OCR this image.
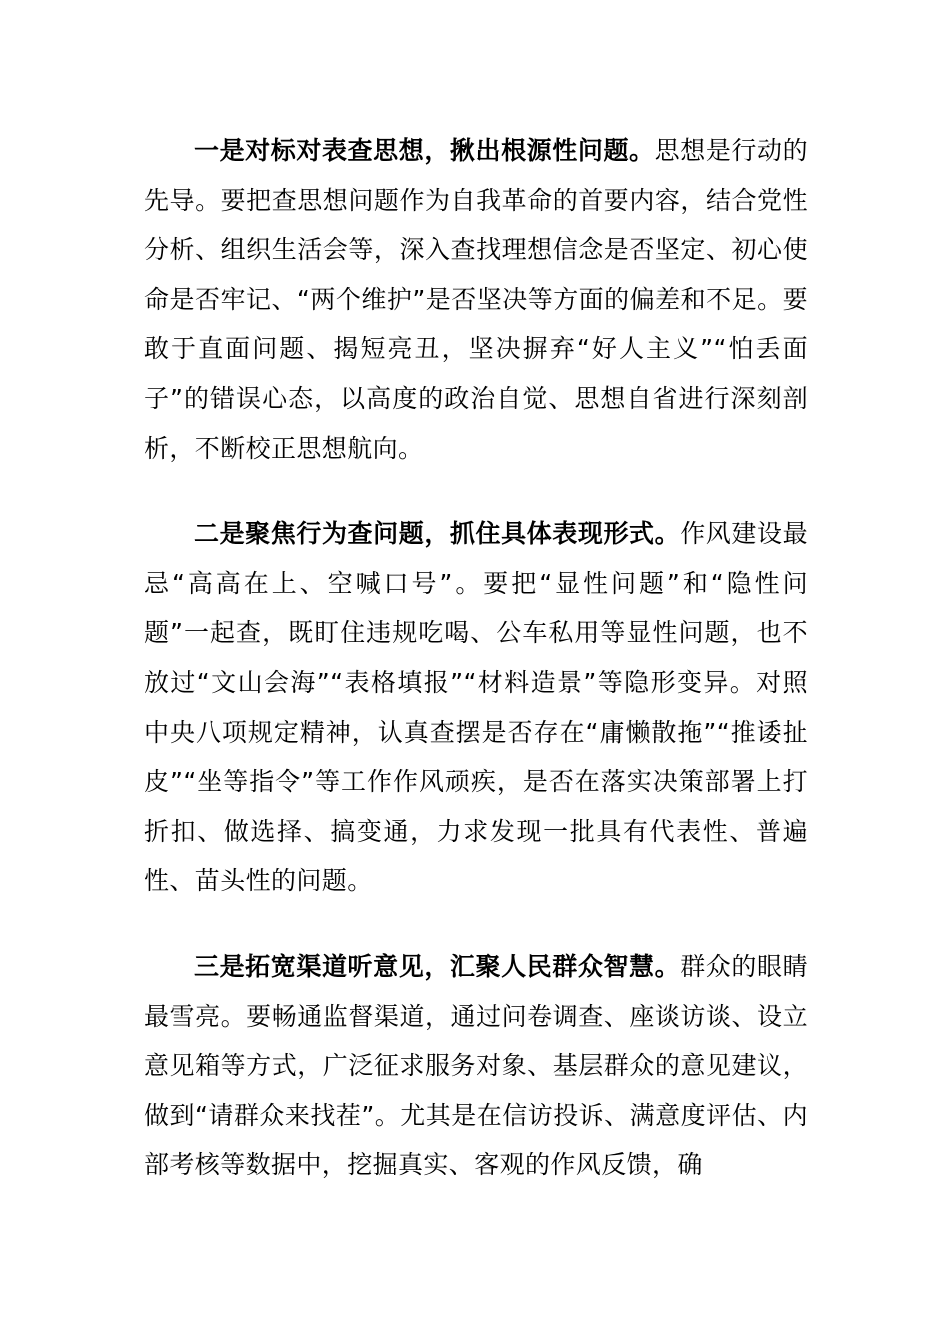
一是对标对表查思想，揪出根源性问题。思想是行动的先导。要把查思想问题作为自我革命的首要内容，结合党性分析、组织生活会等，深入查找理想信念是否坚定、初心使命是否牢记、“两个维护”是否坚决等方面的偏差和不足。要敢于直面问题、揭短亮丑，坚决摒弃“好人主义”“怕丢面子”的错误心态，以高度的政治自觉、思想自省进行深刻剖析，不断校正思想航向。

二是聚焦行为查问题，抓住具体表现形式。作风建设最忌“高高在上、空喊口号”。要把“显性问题”和“隐性问题”一起查，既盯住违规吃喝、公车私用等显性问题，也不放过“文山会海”“表格填报”“材料造景”等隐形变异。对照中央八项规定精神，认真查摆是否存在“庸懒散拖”“推诿扯皮”“坐等指令”等工作作风顽疾，是否在落实决策部署上打折扣、做选择、搞变通，力求发现一批具有代表性、普遍性、苗头性的问题。

三是拓宽渠道听意见，汇聚人民群众智慧。群众的眼睛最雪亮。要畅通监督渠道，通过问卷调查、座谈访谈、设立意见箱等方式，广泛征求服务对象、基层群众的意见建议，做到“请群众来找茬”。尤其是在信访投诉、满意度评估、内部考核等数据中，挖掘真实、客观的作风反馈，确
